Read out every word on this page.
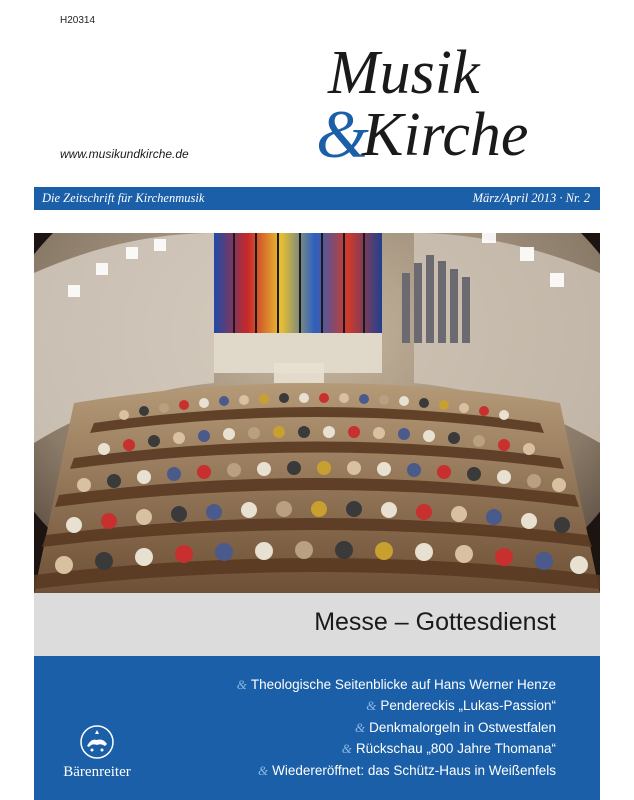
H20314
Musik
&
Kirche
www.musikundkirche.de
Die Zeitschrift für Kirchenmusik	März/April 2013 · Nr. 2
Messe – Gottesdienst
& Theologische Seitenblicke auf Hans Werner Henze
& Pendereckis „Lukas-Passion“
& Denkmalorgeln in Ostwestfalen
& Rückschau „800 Jahre Thomana“
& Wiedereröffnet: das Schütz-Haus in Weißenfels
Bärenreiter
